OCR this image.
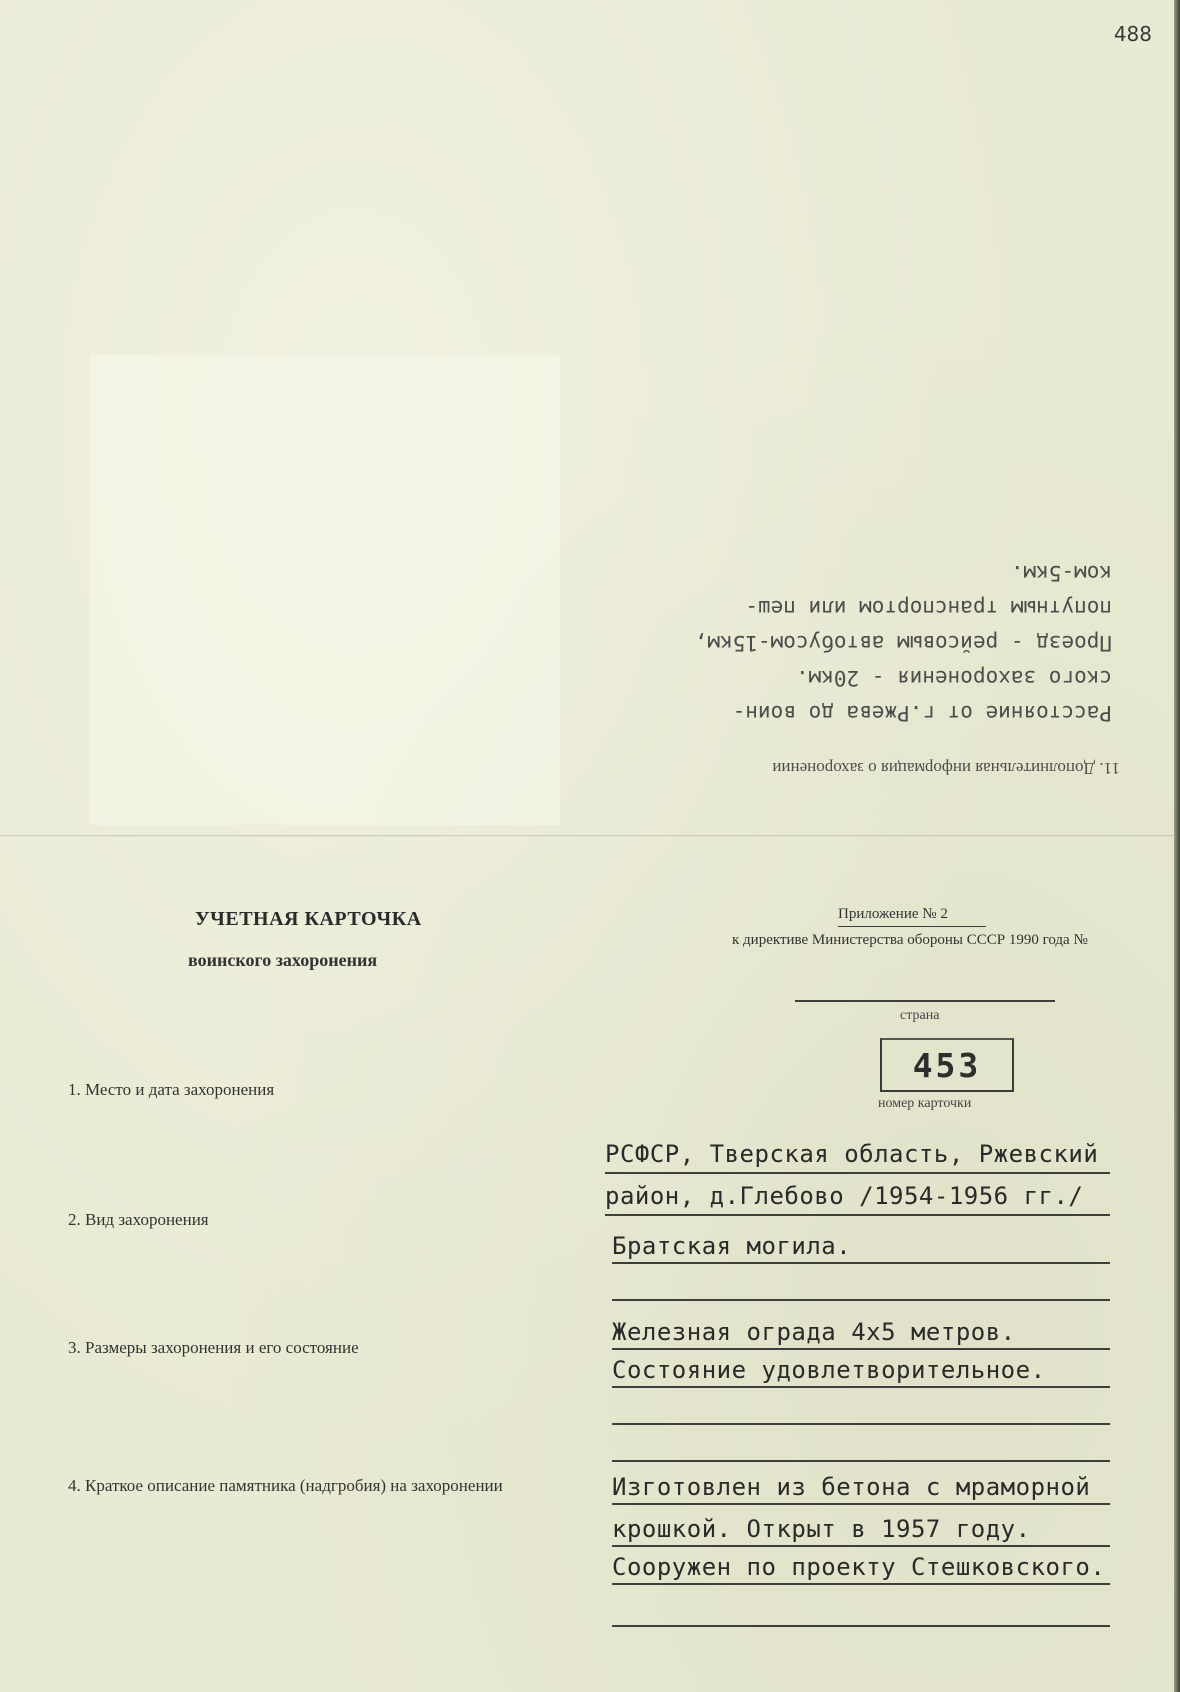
488
11. Дополнительная информация о захоронении
Расстояние от г.Ржева до воин-
ского захоронения - 20км.
Проезд - рейсовым автобусом-15км,
попутным транспортом или пеш-
ком-5км.
УЧЕТНАЯ КАРТОЧКА
воинского захоронения
Приложение № 2
к директиве Министерства обороны СССР 1990 года №
страна
453
номер карточки
1. Место и дата захоронения
2. Вид захоронения
3. Размеры захоронения и его состояние
4. Краткое описание памятника (надгробия) на захоронении
РСФСР, Тверская область, Ржевский
район, д.Глебово /1954-1956 гг./
Братская могила.
Железная ограда 4х5 метров.
Состояние удовлетворительное.
Изготовлен из бетона с мраморной
крошкой. Открыт в 1957 году.
Сооружен по проекту Стешковского.
